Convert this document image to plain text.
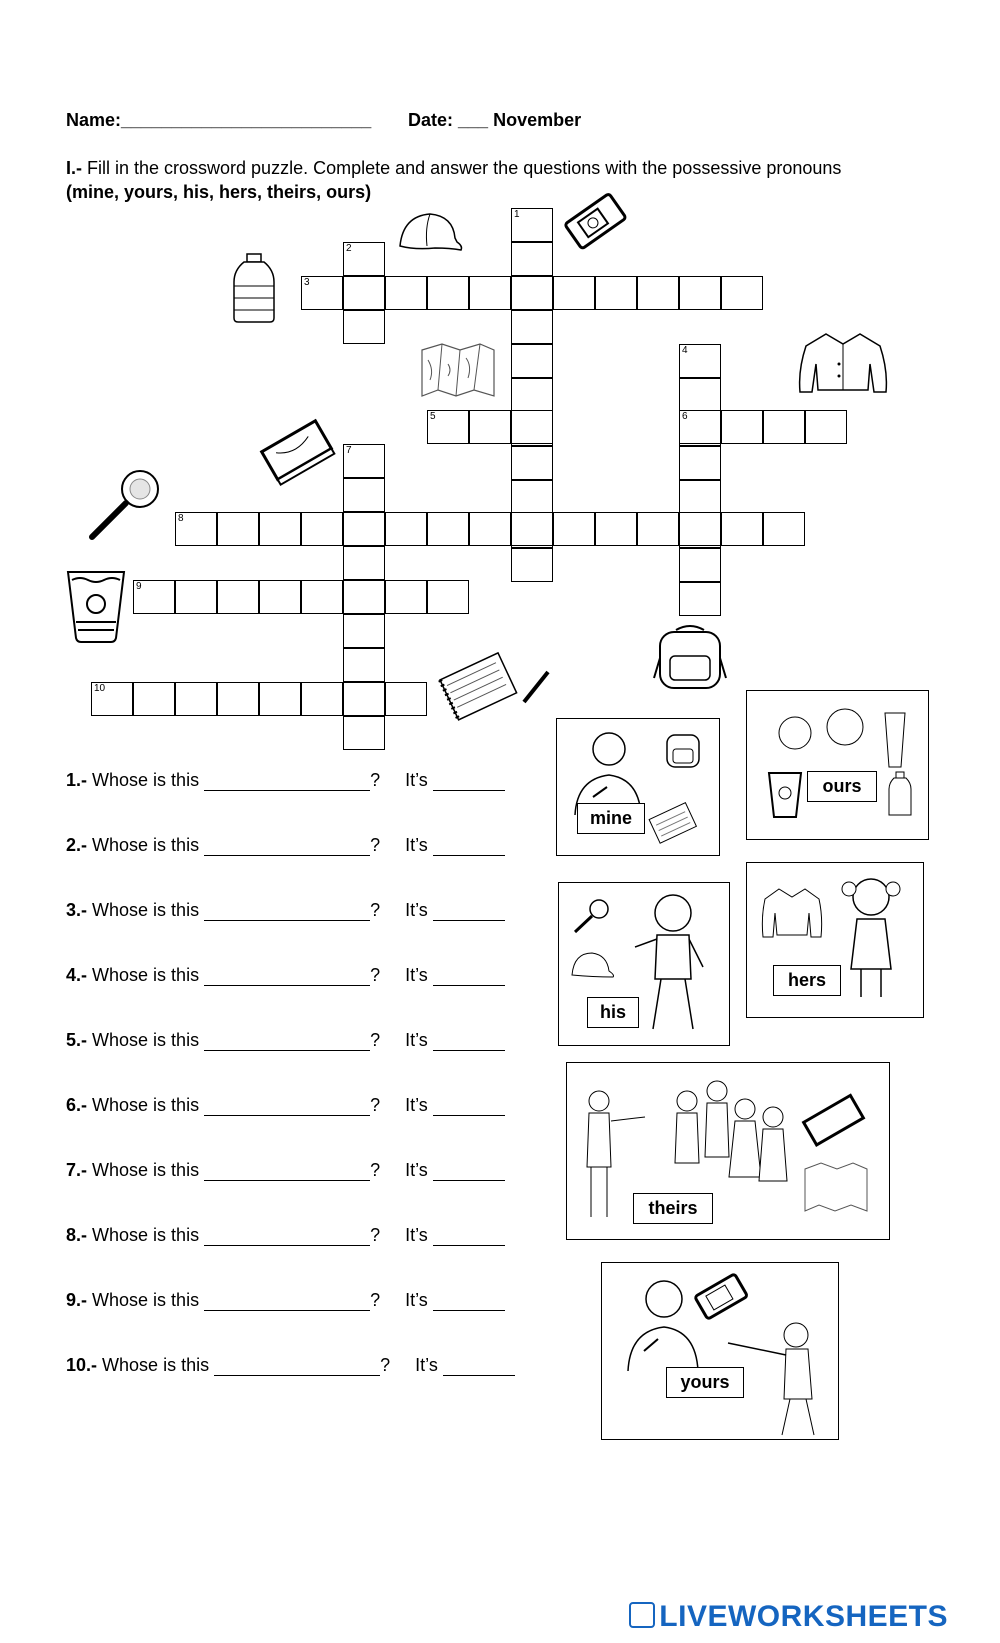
Name:_________________________ Date: ___ November
I.- Fill in the crossword puzzle. Complete and answer the questions with the possessive pronouns
(mine, yours, his, hers, theirs, ours)
1
2
3
4
5	6
7
8
9
10
1.- Whose is this	? It’s
2.- Whose is this	? It’s
3.- Whose is this	? It’s
4.- Whose is this	? It’s
5.- Whose is this	? It’s
6.- Whose is this	? It’s
7.- Whose is this	? It’s
8.- Whose is this	? It’s
9.- Whose is this	? It’s
10.- Whose is this	? It’s
mine
ours
his
hers
theirs
yours
LIVEWORKSHEETS
